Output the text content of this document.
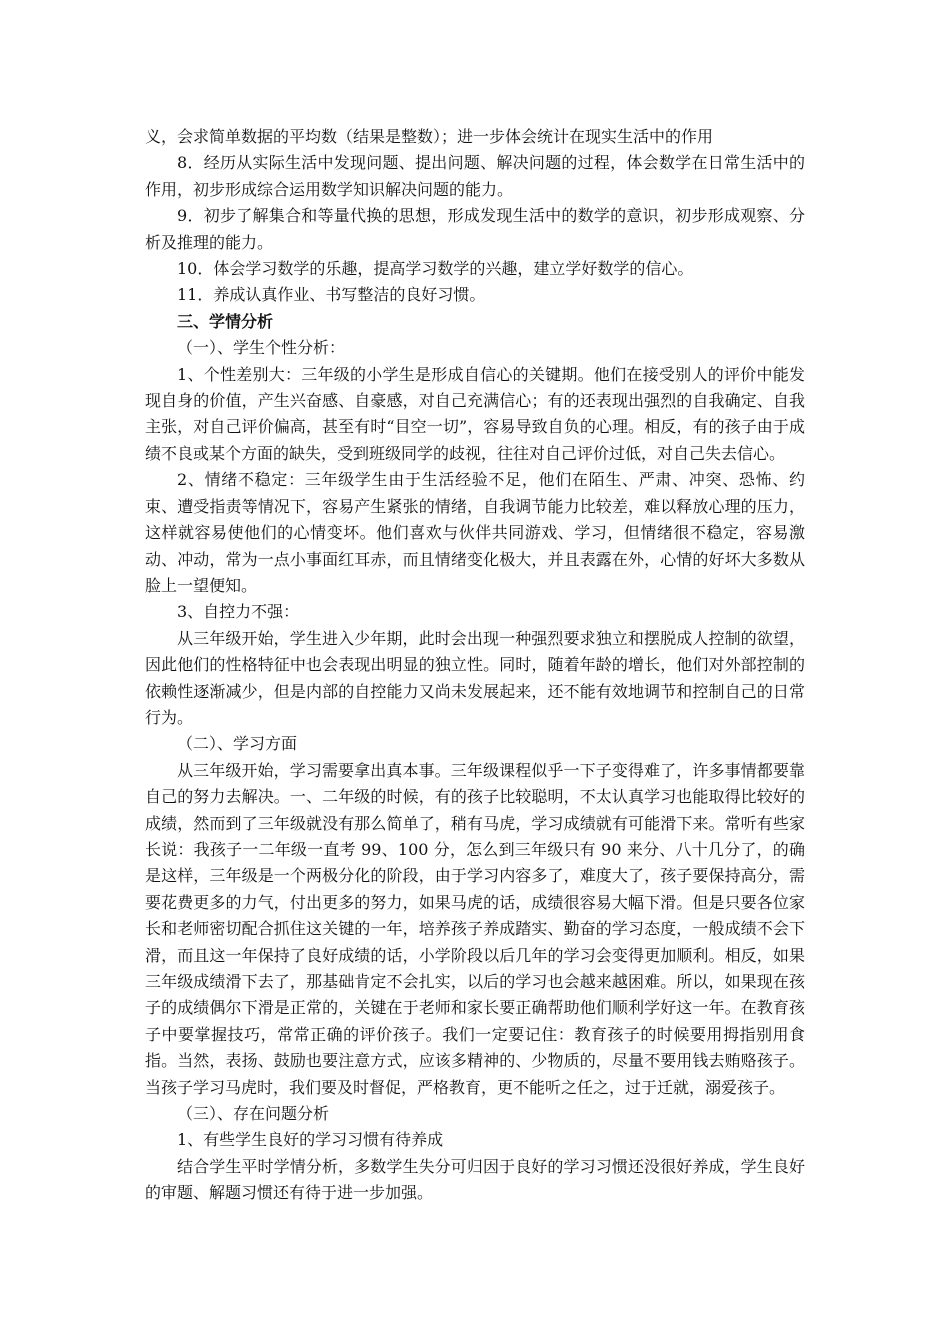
义，会求简单数据的平均数（结果是整数）；进一步体会统计在现实生活中的作用

8．经历从实际生活中发现问题、提出问题、解决问题的过程，体会数学在日常生活中的作用，初步形成综合运用数学知识解决问题的能力。

9．初步了解集合和等量代换的思想，形成发现生活中的数学的意识，初步形成观察、分析及推理的能力。

10．体会学习数学的乐趣，提高学习数学的兴趣，建立学好数学的信心。

11．养成认真作业、书写整洁的良好习惯。

三、学情分析

（一）、学生个性分析：

1、个性差别大：三年级的小学生是形成自信心的关键期。他们在接受别人的评价中能发现自身的价值，产生兴奋感、自豪感，对自己充满信心；有的还表现出强烈的自我确定、自我主张，对自己评价偏高，甚至有时“目空一切”，容易导致自负的心理。相反，有的孩子由于成绩不良或某个方面的缺失，受到班级同学的歧视，往往对自己评价过低，对自己失去信心。

2、情绪不稳定：三年级学生由于生活经验不足，他们在陌生、严肃、冲突、恐怖、约束、遭受指责等情况下，容易产生紧张的情绪，自我调节能力比较差，难以释放心理的压力，这样就容易使他们的心情变坏。他们喜欢与伙伴共同游戏、学习，但情绪很不稳定，容易激动、冲动，常为一点小事面红耳赤，而且情绪变化极大，并且表露在外，心情的好坏大多数从脸上一望便知。

3、自控力不强：

从三年级开始，学生进入少年期，此时会出现一种强烈要求独立和摆脱成人控制的欲望，因此他们的性格特征中也会表现出明显的独立性。同时，随着年龄的增长，他们对外部控制的依赖性逐渐减少，但是内部的自控能力又尚未发展起来，还不能有效地调节和控制自己的日常行为。

（二）、学习方面

从三年级开始，学习需要拿出真本事。三年级课程似乎一下子变得难了，许多事情都要靠自己的努力去解决。一、二年级的时候，有的孩子比较聪明，不太认真学习也能取得比较好的成绩，然而到了三年级就没有那么简单了，稍有马虎，学习成绩就有可能滑下来。常听有些家长说：我孩子一二年级一直考 99、100 分，怎么到三年级只有 90 来分、八十几分了，的确是这样，三年级是一个两极分化的阶段，由于学习内容多了，难度大了，孩子要保持高分，需要花费更多的力气，付出更多的努力，如果马虎的话，成绩很容易大幅下滑。但是只要各位家长和老师密切配合抓住这关键的一年，培养孩子养成踏实、勤奋的学习态度，一般成绩不会下滑，而且这一年保持了良好成绩的话，小学阶段以后几年的学习会变得更加顺利。相反，如果三年级成绩滑下去了，那基础肯定不会扎实，以后的学习也会越来越困难。所以，如果现在孩子的成绩偶尔下滑是正常的，关键在于老师和家长要正确帮助他们顺利学好这一年。在教育孩子中要掌握技巧，常常正确的评价孩子。我们一定要记住：教育孩子的时候要用拇指别用食指。当然，表扬、鼓励也要注意方式，应该多精神的、少物质的，尽量不要用钱去贿赂孩子。当孩子学习马虎时，我们要及时督促，严格教育，更不能听之任之，过于迁就，溺爱孩子。

（三）、存在问题分析

1、有些学生良好的学习习惯有待养成

结合学生平时学情分析，多数学生失分可归因于良好的学习习惯还没很好养成，学生良好的审题、解题习惯还有待于进一步加强。
